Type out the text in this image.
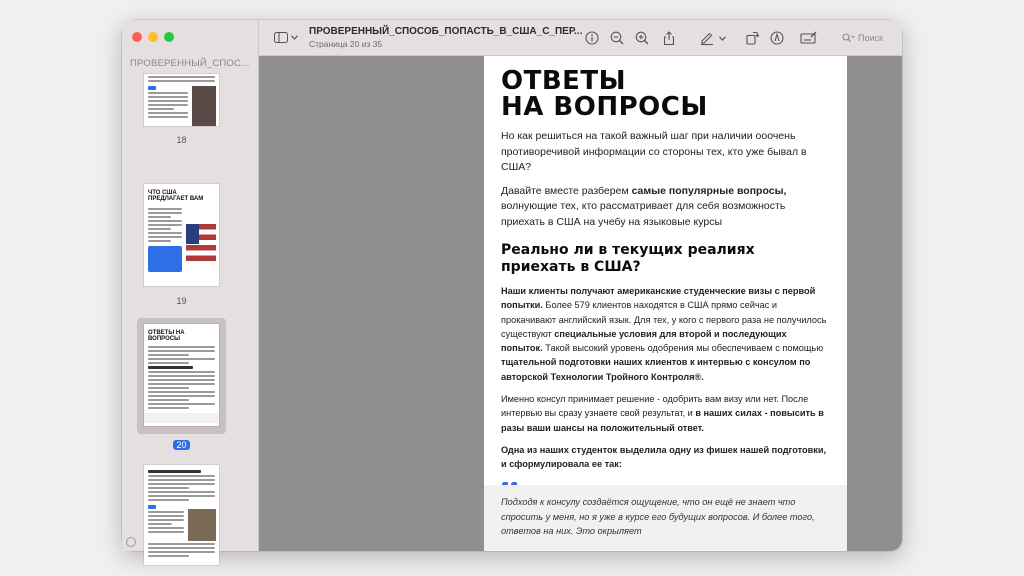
ПРОВЕРЕННЫЙ_СПОС...
18
ЧТО США ПРЕДЛАГАЕТ ВАМ
19
ОТВЕТЫ НА ВОПРОСЫ
20
ПРОВЕРЕННЫЙ_СПОСОБ_ПОПАСТЬ_В_США_С_ПЕР...
Страница 20 из 35
Поиск
ОТВЕТЫ
НА ВОПРОСЫ
Но как решиться на такой важный шаг при наличии ооочень противоречивой информации со стороны тех, кто уже бывал в США?
Давайте вместе разберем самые популярные вопросы, волнующие тех, кто рассматривает для себя возможность приехать в США на учебу на языковые курсы
Реально ли в текущих реалиях приехать в США?
Наши клиенты получают американские студенческие визы с первой попытки. Более 579 клиентов находятся в США прямо сейчас и прокачивают английский язык. Для тех, у кого с первого раза не получилось существуют специальные условия для второй и последующих попыток. Такой высокий уровень одобрения мы обеспечиваем с помощью тщательной подготовки наших клиентов к интервью с консулом по авторской Технологии Тройного Контроля®.
Именно консул принимает решение - одобрить вам визу или нет. После интервью вы сразу узнаете свой результат, и в наших силах - повысить в разы ваши шансы на положительный ответ.
Одна из наших студенток выделила одну из фишек нашей подготовки, и сформулировала ее так:
Подходя к консулу создаётся ощущение, что он ещё не знает что спросить у меня, но я уже в курсе его будущих вопросов. И более того, ответов на них. Это окрыляет
